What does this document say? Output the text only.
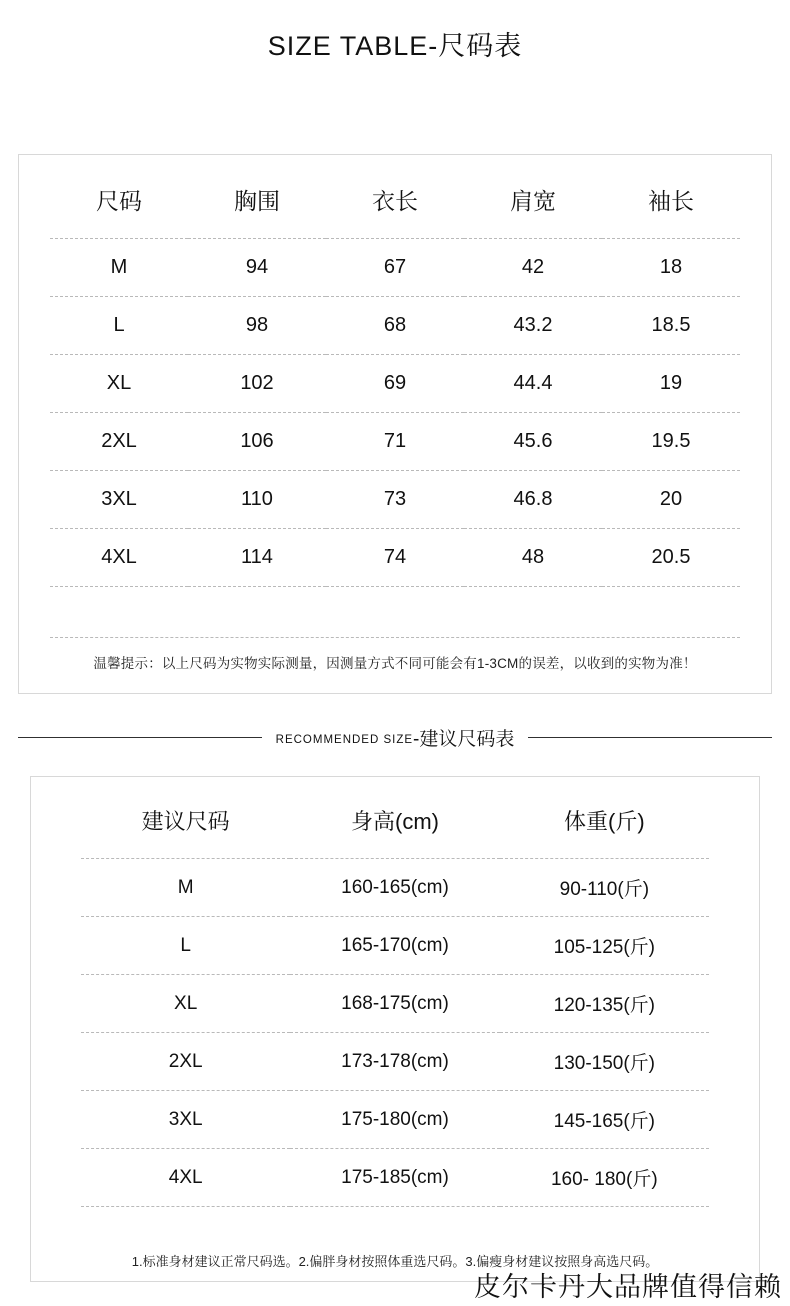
SIZE TABLE-尺码表
尺码	胸围	衣长	肩宽	袖长
M	94	67	42	18
L	98	68	43.2	18.5
XL	102	69	44.4	19
2XL	106	71	45.6	19.5
3XL	110	73	46.8	20
4XL	114	74	48	20.5
温馨提示：以上尺码为实物实际测量，因测量方式不同可能会有1-3CM的误差，以收到的实物为准！
RECOMMENDED SIZE-建议尺码表
建议尺码	身高(cm)	体重(斤)
M	160-165(cm)	90-110(斤)
L	165-170(cm)	105-125(斤)
XL	168-175(cm)	120-135(斤)
2XL	173-178(cm)	130-150(斤)
3XL	175-180(cm)	145-165(斤)
4XL	175-185(cm)	160- 180(斤)
1.标准身材建议正常尺码选。2.偏胖身材按照体重选尺码。3.偏瘦身材建议按照身高选尺码。
皮尔卡丹大品牌值得信赖
